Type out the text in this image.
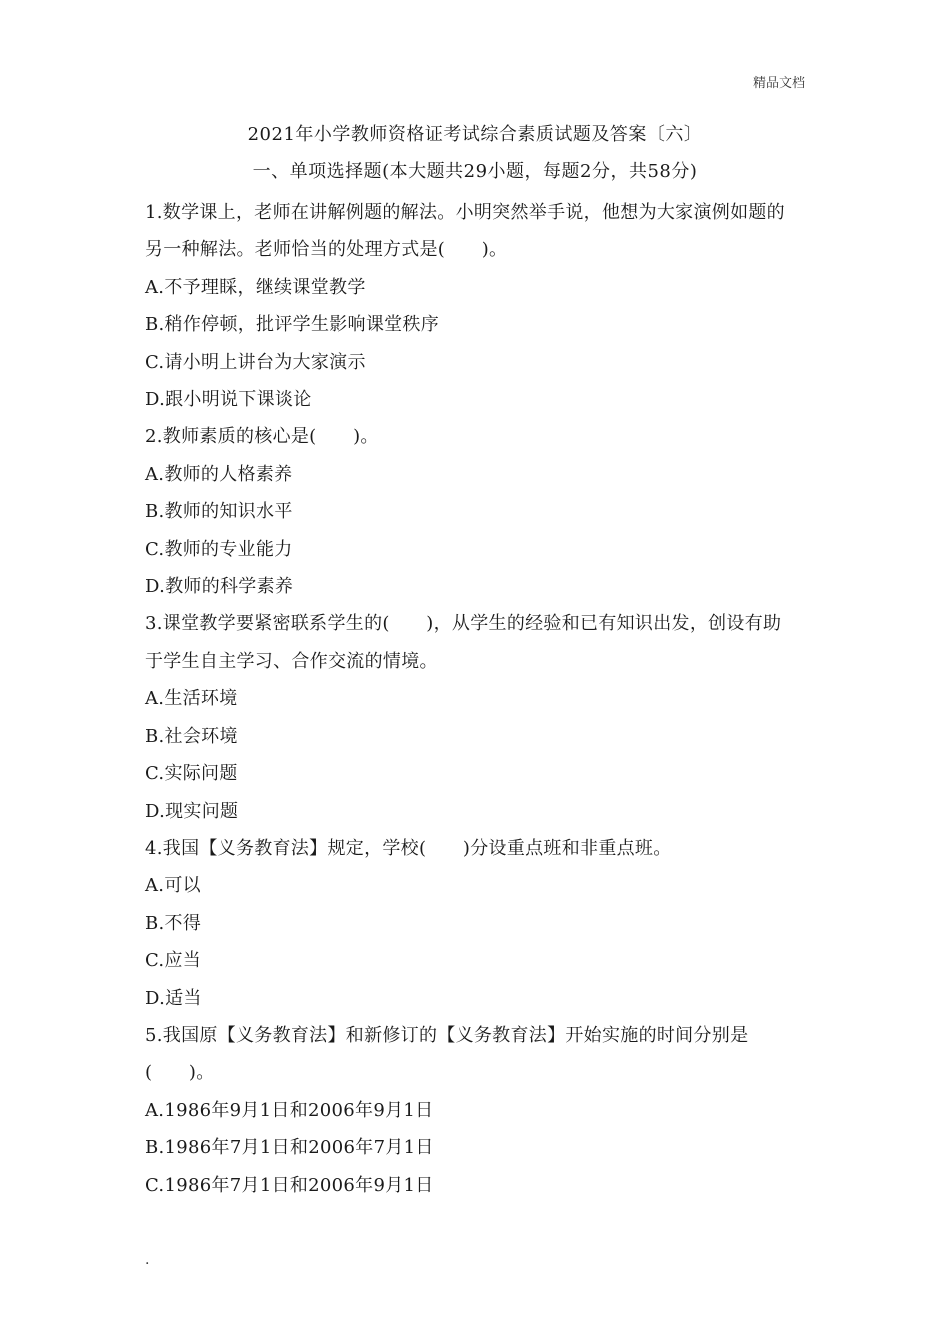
精品文档
2021年小学教师资格证考试综合素质试题及答案〔六〕
一、单项选择题(本大题共29小题，每题2分，共58分)
1.数学课上，老师在讲解例题的解法。小明突然举手说，他想为大家演例如题的
另一种解法。老师恰当的处理方式是(　　)。
A.不予理睬，继续课堂教学
B.稍作停顿，批评学生影响课堂秩序
C.请小明上讲台为大家演示
D.跟小明说下课谈论
2.教师素质的核心是(　　)。
A.教师的人格素养
B.教师的知识水平
C.教师的专业能力
D.教师的科学素养
3.课堂教学要紧密联系学生的(　　)，从学生的经验和已有知识出发，创设有助
于学生自主学习、合作交流的情境。
A.生活环境
B.社会环境
C.实际问题
D.现实问题
4.我国【义务教育法】规定，学校(　　)分设重点班和非重点班。
A.可以
B.不得
C.应当
D.适当
5.我国原【义务教育法】和新修订的【义务教育法】开始实施的时间分别是
(　　)。
A.1986年9月1日和2006年9月1日
B.1986年7月1日和2006年7月1日
C.1986年7月1日和2006年9月1日
.
